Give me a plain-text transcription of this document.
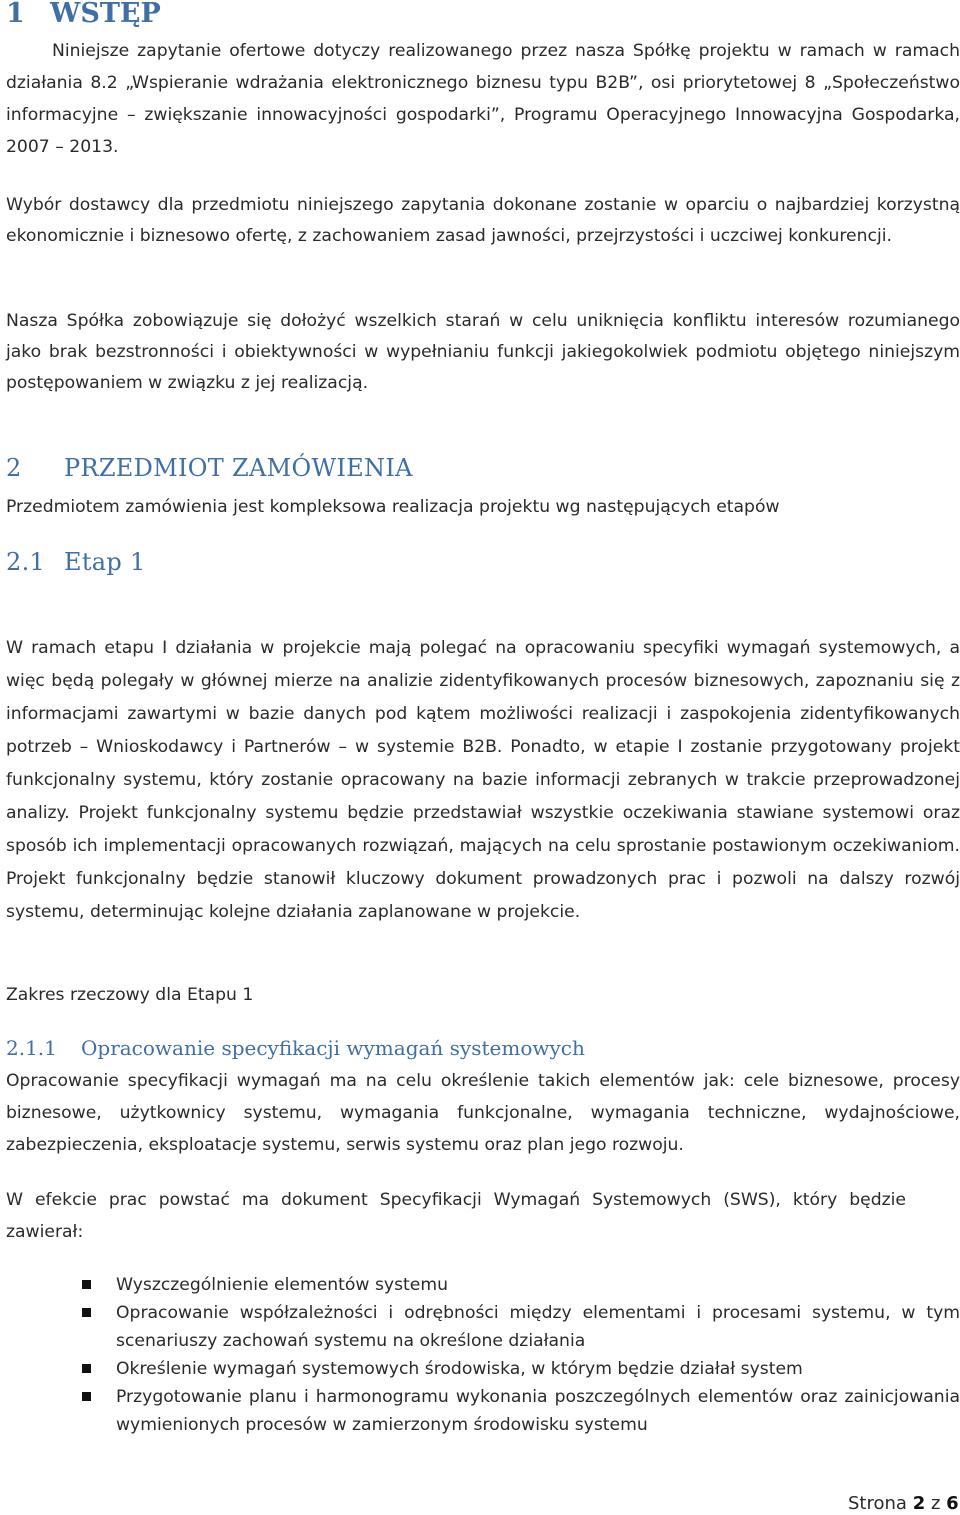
1 WSTĘP

Niniejsze zapytanie ofertowe dotyczy realizowanego przez nasza Spółkę projektu w ramach w ramach działania 8.2 „Wspieranie wdrażania elektronicznego biznesu typu B2B”, osi priorytetowej 8 „Społeczeństwo informacyjne – zwiększanie innowacyjności gospodarki”, Programu Operacyjnego Innowacyjna Gospodarka, 2007 – 2013.

Wybór dostawcy dla przedmiotu niniejszego zapytania dokonane zostanie w oparciu o najbardziej korzystną ekonomicznie i biznesowo ofertę, z zachowaniem zasad jawności, przejrzystości i uczciwej konkurencji.

Nasza Spółka zobowiązuje się dołożyć wszelkich starań w celu uniknięcia konfliktu interesów rozumianego jako brak bezstronności i obiektywności w wypełnianiu funkcji jakiegokolwiek podmiotu objętego niniejszym postępowaniem w związku z jej realizacją.

2 PRZEDMIOT ZAMÓWIENIA

Przedmiotem zamówienia jest kompleksowa realizacja projektu wg następujących etapów

2.1 Etap 1

W ramach etapu I działania w projekcie mają polegać na opracowaniu specyfiki wymagań systemowych, a więc będą polegały w głównej mierze na analizie zidentyfikowanych procesów biznesowych, zapoznaniu się z informacjami zawartymi w bazie danych pod kątem możliwości realizacji i zaspokojenia zidentyfikowanych potrzeb – Wnioskodawcy i Partnerów – w systemie B2B. Ponadto, w etapie I zostanie przygotowany projekt funkcjonalny systemu, który zostanie opracowany na bazie informacji zebranych w trakcie przeprowadzonej analizy. Projekt funkcjonalny systemu będzie przedstawiał wszystkie oczekiwania stawiane systemowi oraz sposób ich implementacji opracowanych rozwiązań, mających na celu sprostanie postawionym oczekiwaniom. Projekt funkcjonalny będzie stanowił kluczowy dokument prowadzonych prac i pozwoli na dalszy rozwój systemu, determinując kolejne działania zaplanowane w projekcie.

Zakres rzeczowy dla Etapu 1

2.1.1 Opracowanie specyfikacji wymagań systemowych

Opracowanie specyfikacji wymagań ma na celu określenie takich elementów jak: cele biznesowe, procesy biznesowe, użytkownicy systemu, wymagania funkcjonalne, wymagania techniczne, wydajnościowe, zabezpieczenia, eksploatacje systemu, serwis systemu oraz plan jego rozwoju.

W efekcie prac powstać ma dokument Specyfikacji Wymagań Systemowych (SWS), który będzie zawierał:

Wyszczególnienie elementów systemu
Opracowanie współzależności i odrębności między elementami i procesami systemu, w tym scenariuszy zachowań systemu na określone działania
Określenie wymagań systemowych środowiska, w którym będzie działał system
Przygotowanie planu i harmonogramu wykonania poszczególnych elementów oraz zainicjowania wymienionych procesów w zamierzonym środowisku systemu
Strona 2 z 6
